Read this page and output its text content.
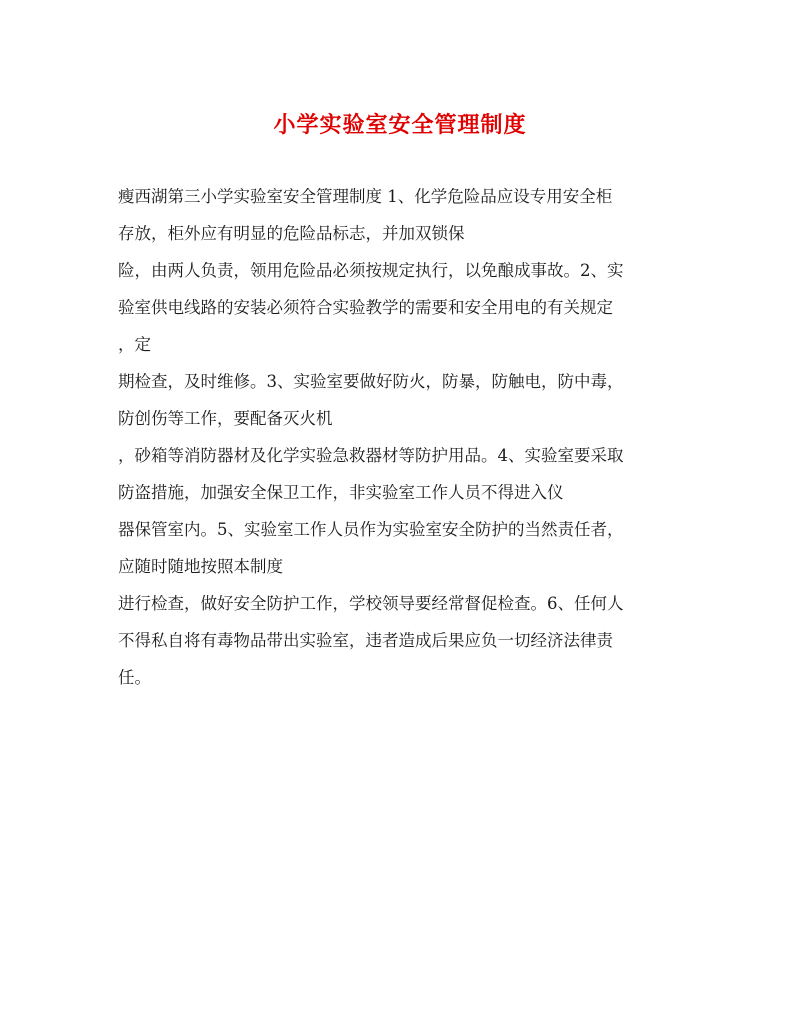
小学实验室安全管理制度

瘦西湖第三小学实验室安全管理制度 1、化学危险品应设专用安全柜

存放，柜外应有明显的危险品标志，并加双锁保

险，由两人负责，领用危险品必须按规定执行，以免酿成事故。2、实

验室供电线路的安装必须符合实验教学的需要和安全用电的有关规定

，定

期检查，及时维修。3、实验室要做好防火，防暴，防触电，防中毒，

防创伤等工作，要配备灭火机

，砂箱等消防器材及化学实验急救器材等防护用品。4、实验室要采取

防盗措施，加强安全保卫工作，非实验室工作人员不得进入仪

器保管室内。5、实验室工作人员作为实验室安全防护的当然责任者，

应随时随地按照本制度

进行检查，做好安全防护工作，学校领导要经常督促检查。6、任何人

不得私自将有毒物品带出实验室，违者造成后果应负一切经济法律责

任。
